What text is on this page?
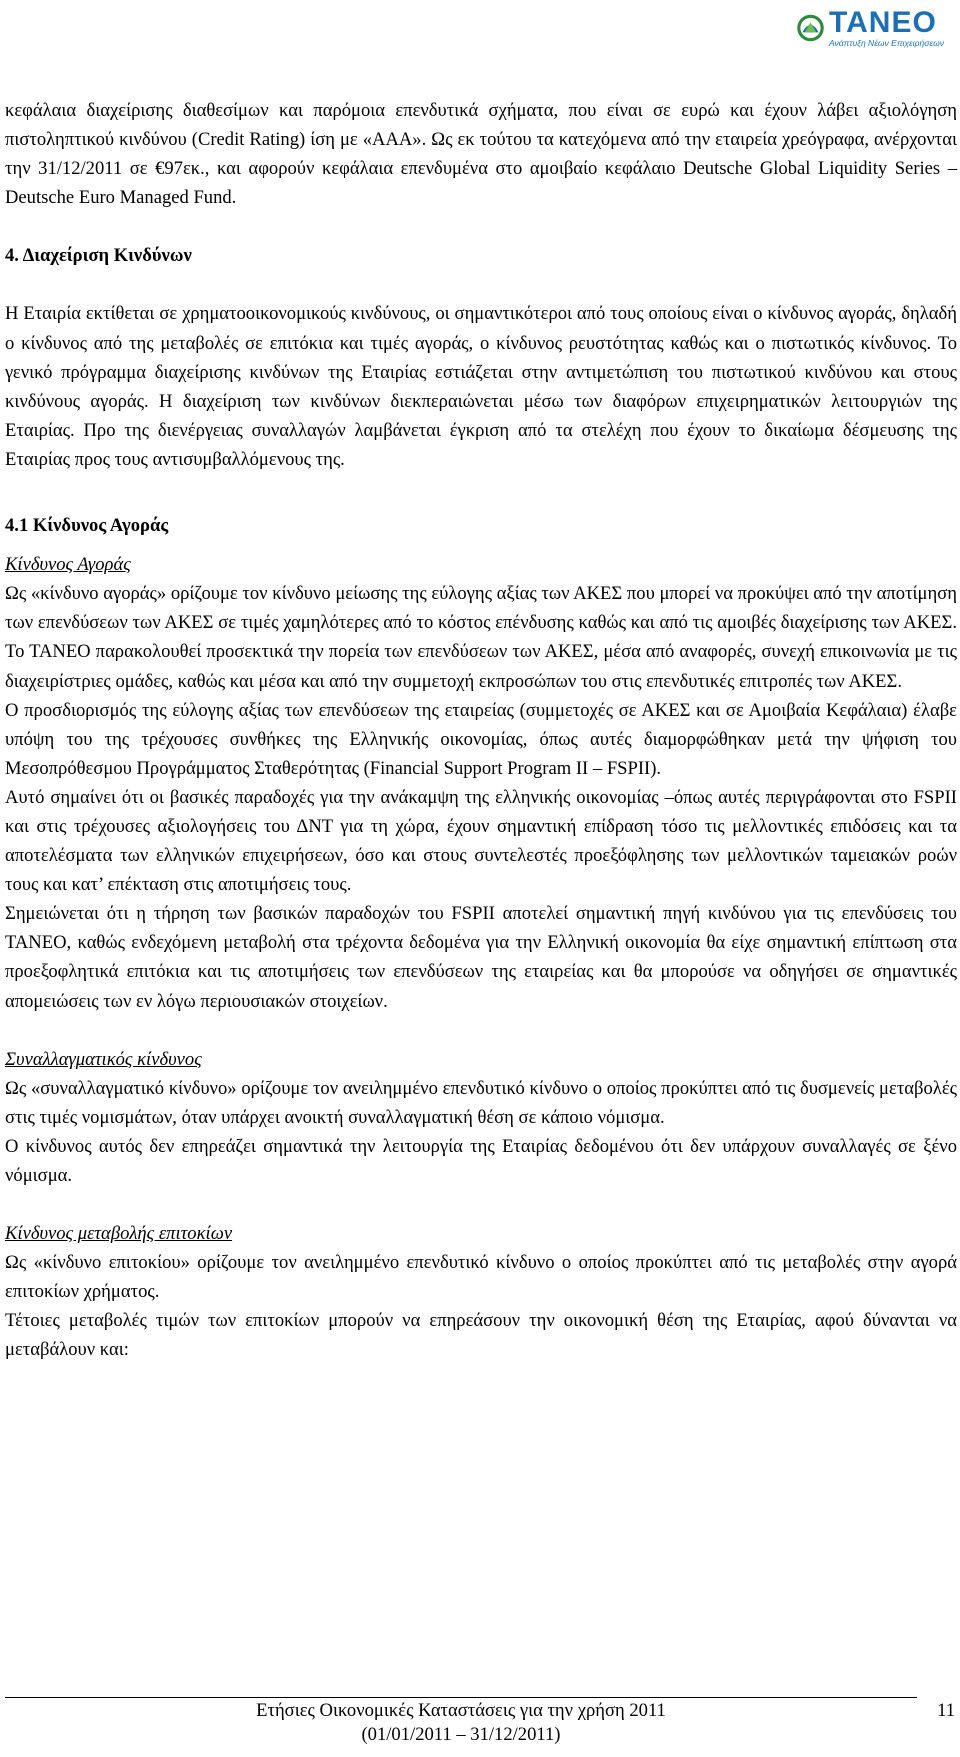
TANEO
Ανάπτυξη Νέων Επιχειρήσεων

κεφάλαια διαχείρισης διαθεσίμων και παρόμοια επενδυτικά σχήματα, που είναι σε ευρώ και έχουν λάβει αξιολόγηση πιστοληπτικού κινδύνου (Credit Rating) ίση με «ΑΑΑ». Ως εκ τούτου τα κατεχόμενα από την εταιρεία χρεόγραφα, ανέρχονται την 31/12/2011 σε €97εκ., και αφορούν κεφάλαια επενδυμένα στο αμοιβαίο κεφάλαιο Deutsche Global Liquidity Series – Deutsche Euro Managed Fund.

4. Διαχείριση Κινδύνων

Η Εταιρία εκτίθεται σε χρηματοοικονομικούς κινδύνους, οι σημαντικότεροι από τους οποίους είναι ο κίνδυνος αγοράς, δηλαδή ο κίνδυνος από της μεταβολές σε επιτόκια και τιμές αγοράς, ο κίνδυνος ρευστότητας καθώς και ο πιστωτικός κίνδυνος. Το γενικό πρόγραμμα διαχείρισης κινδύνων της Εταιρίας εστιάζεται στην αντιμετώπιση του πιστωτικού κινδύνου και στους κινδύνους αγοράς. Η διαχείριση των κινδύνων διεκπεραιώνεται μέσω των διαφόρων επιχειρηματικών λειτουργιών της Εταιρίας. Προ της διενέργειας συναλλαγών λαμβάνεται έγκριση από τα στελέχη που έχουν το δικαίωμα δέσμευσης της Εταιρίας προς τους αντισυμβαλλόμενους της.

4.1 Κίνδυνος Αγοράς
Κίνδυνος Αγοράς

Ως «κίνδυνο αγοράς» ορίζουμε τον κίνδυνο μείωσης της εύλογης αξίας των ΑΚΕΣ που μπορεί να προκύψει από την αποτίμηση των επενδύσεων των ΑΚΕΣ σε τιμές χαμηλότερες από το κόστος επένδυσης καθώς και από τις αμοιβές διαχείρισης των ΑΚΕΣ. Το ΤΑΝΕΟ παρακολουθεί προσεκτικά την πορεία των επενδύσεων των ΑΚΕΣ, μέσα από αναφορές, συνεχή επικοινωνία με τις διαχειρίστριες ομάδες, καθώς και μέσα και από την συμμετοχή εκπροσώπων του στις επενδυτικές επιτροπές των ΑΚΕΣ.

Ο προσδιορισμός της εύλογης αξίας των επενδύσεων της εταιρείας (συμμετοχές σε ΑΚΕΣ και σε Αμοιβαία Κεφάλαια) έλαβε υπόψη του της τρέχουσες συνθήκες της Ελληνικής οικονομίας, όπως αυτές διαμορφώθηκαν μετά την ψήφιση του Μεσοπρόθεσμου Προγράμματος Σταθερότητας (Financial Support Program II – FSPII).

Αυτό σημαίνει ότι οι βασικές παραδοχές για την ανάκαμψη της ελληνικής οικονομίας –όπως αυτές περιγράφονται στο FSPII και στις τρέχουσες αξιολογήσεις του ΔΝΤ για τη χώρα, έχουν σημαντική επίδραση τόσο τις μελλοντικές επιδόσεις και τα αποτελέσματα των ελληνικών επιχειρήσεων, όσο και στους συντελεστές προεξόφλησης των μελλοντικών ταμειακών ροών τους και κατ’ επέκταση στις αποτιμήσεις τους.

Σημειώνεται ότι η τήρηση των βασικών παραδοχών του FSPII αποτελεί σημαντική πηγή κινδύνου για τις επενδύσεις του ΤΑΝΕΟ, καθώς ενδεχόμενη μεταβολή στα τρέχοντα δεδομένα για την Ελληνική οικονομία θα είχε σημαντική επίπτωση στα προεξοφλητικά επιτόκια και τις αποτιμήσεις των επενδύσεων της εταιρείας και θα μπορούσε να οδηγήσει σε σημαντικές απομειώσεις των εν λόγω περιουσιακών στοιχείων.

Συναλλαγματικός κίνδυνος

Ως «συναλλαγματικό κίνδυνο» ορίζουμε τον ανειλημμένο επενδυτικό κίνδυνο ο οποίος προκύπτει από τις δυσμενείς μεταβολές στις τιμές νομισμάτων, όταν υπάρχει ανοικτή συναλλαγματική θέση σε κάποιο νόμισμα.

Ο κίνδυνος αυτός δεν επηρεάζει σημαντικά την λειτουργία της Εταιρίας δεδομένου ότι δεν υπάρχουν συναλλαγές σε ξένο νόμισμα.

Κίνδυνος μεταβολής επιτοκίων

Ως «κίνδυνο επιτοκίου» ορίζουμε τον ανειλημμένο επενδυτικό κίνδυνο ο οποίος προκύπτει από τις μεταβολές στην αγορά επιτοκίων χρήματος.

Τέτοιες μεταβολές τιμών των επιτοκίων μπορούν να επηρεάσουν την οικονομική θέση της Εταιρίας, αφού δύνανται να μεταβάλουν και:

Ετήσιες Οικονομικές Καταστάσεις για την χρήση 2011
(01/01/2011 – 31/12/2011)
11
